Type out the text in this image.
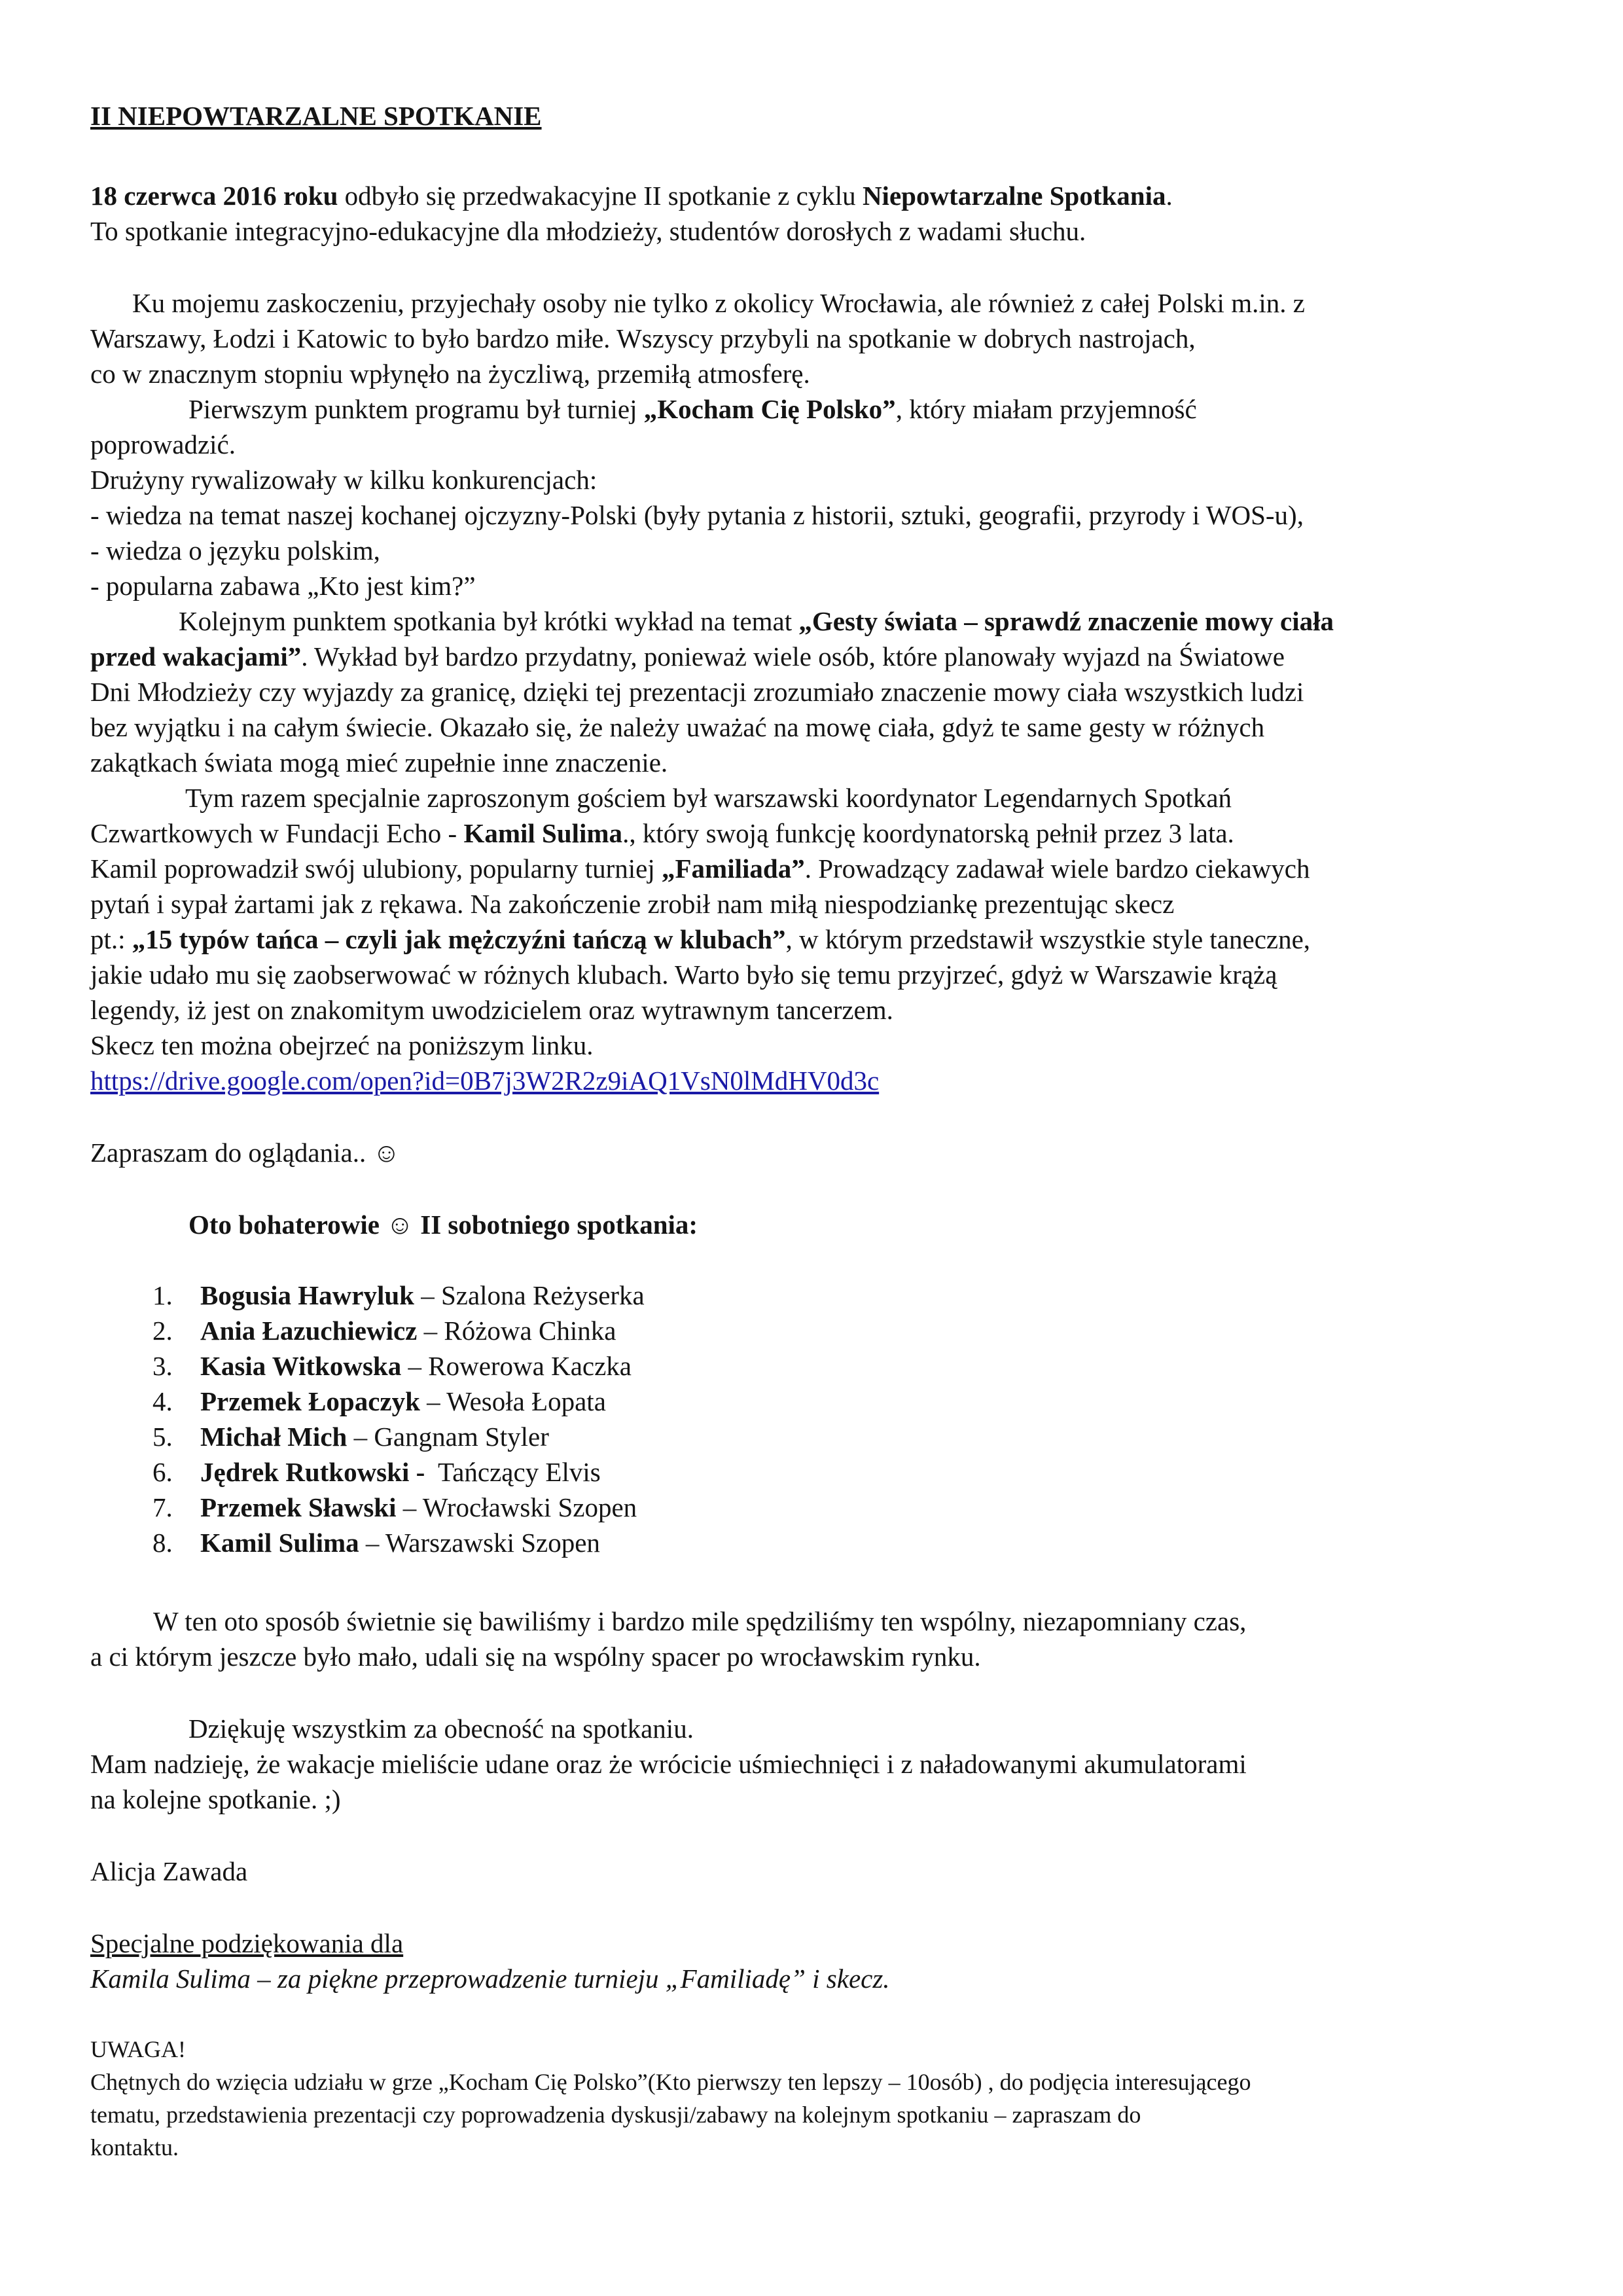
II NIEPOWTARZALNE SPOTKANIE
18 czerwca 2016 roku odbyło się przedwakacyjne II spotkanie z cyklu Niepowtarzalne Spotkania.
To spotkanie integracyjno-edukacyjne dla młodzieży, studentów dorosłych z wadami słuchu.
Ku mojemu zaskoczeniu, przyjechały osoby nie tylko z okolicy Wrocławia, ale również z całej Polski m.in. z
Warszawy, Łodzi i Katowic to było bardzo miłe. Wszyscy przybyli na spotkanie w dobrych nastrojach,
co w znacznym stopniu wpłynęło na życzliwą, przemiłą atmosferę.
Pierwszym punktem programu był turniej „Kocham Cię Polsko”, który miałam przyjemność
poprowadzić.
Drużyny rywalizowały w kilku konkurencjach:
- wiedza na temat naszej kochanej ojczyzny-Polski (były pytania z historii, sztuki, geografii, przyrody i WOS-u),
- wiedza o języku polskim,
- popularna zabawa „Kto jest kim?”
Kolejnym punktem spotkania był krótki wykład na temat „Gesty świata – sprawdź znaczenie mowy ciała
przed wakacjami”. Wykład był bardzo przydatny, ponieważ wiele osób, które planowały wyjazd na Światowe
Dni Młodzieży czy wyjazdy za granicę, dzięki tej prezentacji zrozumiało znaczenie mowy ciała wszystkich ludzi
bez wyjątku i na całym świecie. Okazało się, że należy uważać na mowę ciała, gdyż te same gesty w różnych
zakątkach świata mogą mieć zupełnie inne znaczenie.
Tym razem specjalnie zaproszonym gościem był warszawski koordynator Legendarnych Spotkań
Czwartkowych w Fundacji Echo - Kamil Sulima., który swoją funkcję koordynatorską pełnił przez 3 lata.
Kamil poprowadził swój ulubiony, popularny turniej „Familiada”. Prowadzący zadawał wiele bardzo ciekawych
pytań i sypał żartami jak z rękawa. Na zakończenie zrobił nam miłą niespodziankę prezentując skecz
pt.: „15 typów tańca – czyli jak mężczyźni tańczą w klubach”, w którym przedstawił wszystkie style taneczne,
jakie udało mu się zaobserwować w różnych klubach. Warto było się temu przyjrzeć, gdyż w Warszawie krążą
legendy, iż jest on znakomitym uwodzicielem oraz wytrawnym tancerzem.
Skecz ten można obejrzeć na poniższym linku.
https://drive.google.com/open?id=0B7j3W2R2z9iAQ1VsN0lMdHV0d3c
Zapraszam do oglądania.. ☺
Oto bohaterowie ☺ II sobotniego spotkania:
1. Bogusia Hawryluk – Szalona Reżyserka
2. Ania Łazuchiewicz – Różowa Chinka
3. Kasia Witkowska – Rowerowa Kaczka
4. Przemek Łopaczyk – Wesoła Łopata
5. Michał Mich – Gangnam Styler
6. Jędrek Rutkowski - Tańczący Elvis
7. Przemek Sławski – Wrocławski Szopen
8. Kamil Sulima – Warszawski Szopen
W ten oto sposób świetnie się bawiliśmy i bardzo mile spędziliśmy ten wspólny, niezapomniany czas,
a ci którym jeszcze było mało, udali się na wspólny spacer po wrocławskim rynku.
Dziękuję wszystkim za obecność na spotkaniu.
Mam nadzieję, że wakacje mieliście udane oraz że wrócicie uśmiechnięci i z naładowanymi akumulatorami
na kolejne spotkanie. ;)
Alicja Zawada
Specjalne podziękowania dla
Kamila Sulima – za piękne przeprowadzenie turnieju „Familiadę” i skecz.
UWAGA!
Chętnych do wzięcia udziału w grze „Kocham Cię Polsko”(Kto pierwszy ten lepszy – 10osób) , do podjęcia interesującego
tematu, przedstawienia prezentacji czy poprowadzenia dyskusji/zabawy na kolejnym spotkaniu – zapraszam do
kontaktu.
